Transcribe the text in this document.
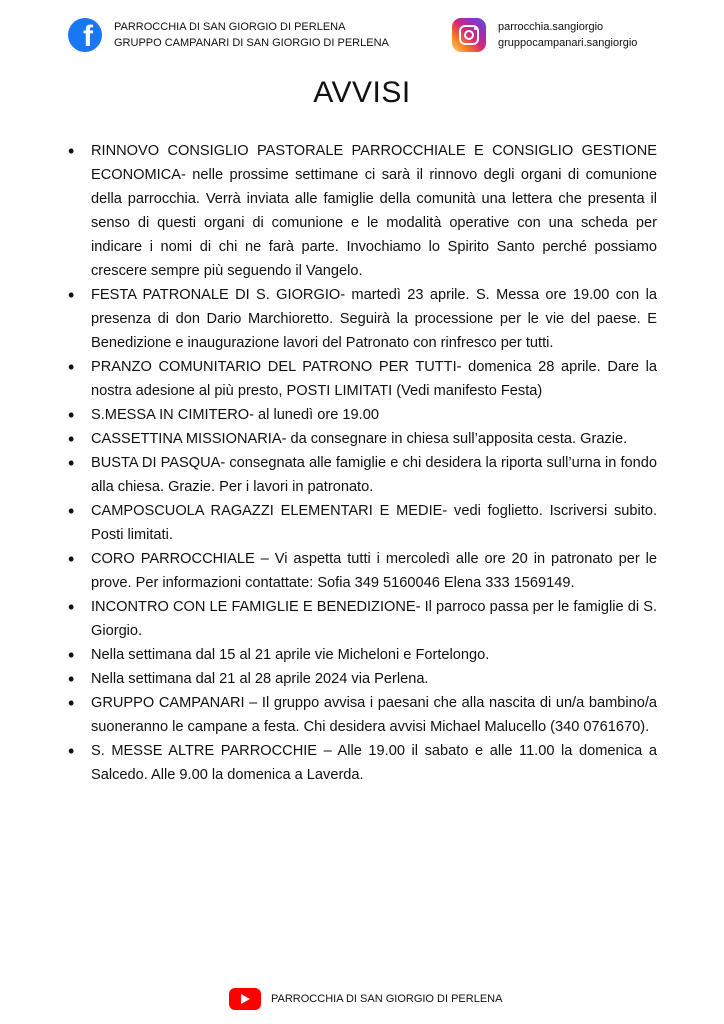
f PARROCCHIA DI SAN GIORGIO DI PERLENA
GRUPPO CAMPANARI DI SAN GIORGIO DI PERLENA
parrocchia.sangiorgio
gruppocampanari.sangiorgio
AVVISI
• RINNOVO CONSIGLIO PASTORALE PARROCCHIALE E CONSIGLIO GESTIONE ECONOMICA- nelle prossime settimane ci sarà il rinnovo degli organi di comunione della parrocchia. Verrà inviata alle famiglie della comunità una lettera che presenta il senso di questi organi di comunione e le modalità operative con una scheda per indicare i nomi di chi ne farà parte. Invochiamo lo Spirito Santo perché possiamo crescere sempre più seguendo il Vangelo.
• FESTA PATRONALE DI S. GIORGIO- martedì 23 aprile. S. Messa ore 19.00 con la presenza di don Dario Marchioretto. Seguirà la processione per le vie del paese. E Benedizione e inaugurazione lavori del Patronato con rinfresco per tutti.
• PRANZO COMUNITARIO DEL PATRONO PER TUTTI- domenica 28 aprile. Dare la nostra adesione al più presto, POSTI LIMITATI (Vedi manifesto Festa)
• S.MESSA IN CIMITERO- al lunedì ore 19.00
• CASSETTINA MISSIONARIA- da consegnare in chiesa sull’apposita cesta. Grazie.
• BUSTA DI PASQUA- consegnata alle famiglie e chi desidera la riporta sull’urna in fondo alla chiesa. Grazie. Per i lavori in patronato.
• CAMPOSCUOLA RAGAZZI ELEMENTARI E MEDIE- vedi foglietto. Iscriversi subito. Posti limitati.
• CORO PARROCCHIALE – Vi aspetta tutti i mercoledì alle ore 20 in patronato per le prove. Per informazioni contattate: Sofia 349 5160046 Elena 333 1569149.
• INCONTRO CON LE FAMIGLIE E BENEDIZIONE- Il parroco passa per le famiglie di S. Giorgio.
• Nella settimana dal 15 al 21 aprile vie Micheloni e Fortelongo.
• Nella settimana dal 21 al 28 aprile 2024 via Perlena.
• GRUPPO CAMPANARI – Il gruppo avvisa i paesani che alla nascita di un/a bambino/a suoneranno le campane a festa. Chi desidera avvisi Michael Malucello (340 0761670).
• S. MESSE ALTRE PARROCCHIE – Alle 19.00 il sabato e alle 11.00 la domenica a Salcedo. Alle 9.00 la domenica a Laverda.
PARROCCHIA DI SAN GIORGIO DI PERLENA
